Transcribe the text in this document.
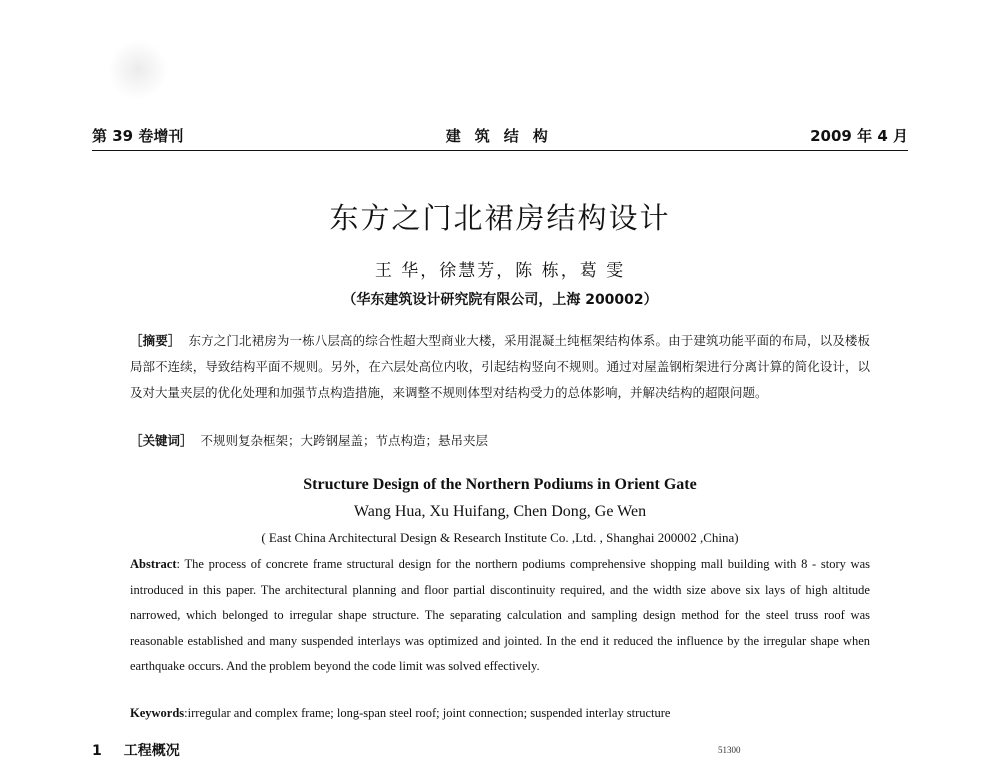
第 39 卷增刊	建筑结构	2009 年 4 月
东方之门北裙房结构设计
王 华，徐慧芳，陈 栋，葛 雯
（华东建筑设计研究院有限公司，上海 200002）
［摘要］ 东方之门北裙房为一栋八层高的综合性超大型商业大楼，采用混凝土纯框架结构体系。由于建筑功能平面的布局，以及楼板局部不连续，导致结构平面不规则。另外，在六层处高位内收，引起结构竖向不规则。通过对屋盖钢桁架进行分离计算的简化设计，以及对大量夹层的优化处理和加强节点构造措施，来调整不规则体型对结构受力的总体影响，并解决结构的超限问题。
［关键词］ 不规则复杂框架；大跨钢屋盖；节点构造；悬吊夹层
Structure Design of the Northern Podiums in Orient Gate
Wang Hua, Xu Huifang, Chen Dong, Ge Wen
( East China Architectural Design & Research Institute Co. ,Ltd. , Shanghai 200002 ,China)
Abstract: The process of concrete frame structural design for the northern podiums comprehensive shopping mall building with 8 - story was introduced in this paper. The architectural planning and floor partial discontinuity required, and the width size above six lays of high altitude narrowed, which belonged to irregular shape structure. The separating calculation and sampling design method for the steel truss roof was reasonable established and many suspended interlays was optimized and jointed. In the end it reduced the influence by the irregular shape when earthquake occurs. And the problem beyond the code limit was solved effectively.
Keywords:irregular and complex frame; long-span steel roof; joint connection; suspended interlay structure
1 工程概况	51300
